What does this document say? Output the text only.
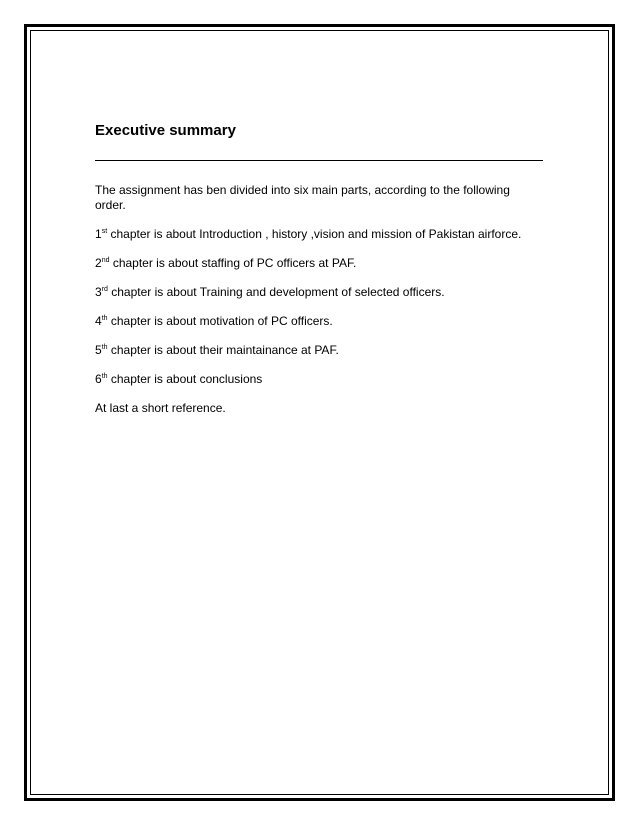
Executive summary

The assignment has ben divided into six main parts, according to the following order.

1st chapter is about Introduction , history ,vision and mission of Pakistan airforce.

2nd chapter is about staffing of PC officers at PAF.

3rd chapter is about Training and development of selected officers.

4th chapter is about motivation of PC officers.

5th chapter is about their maintainance at PAF.

6th chapter is about conclusions

At last a short reference.
